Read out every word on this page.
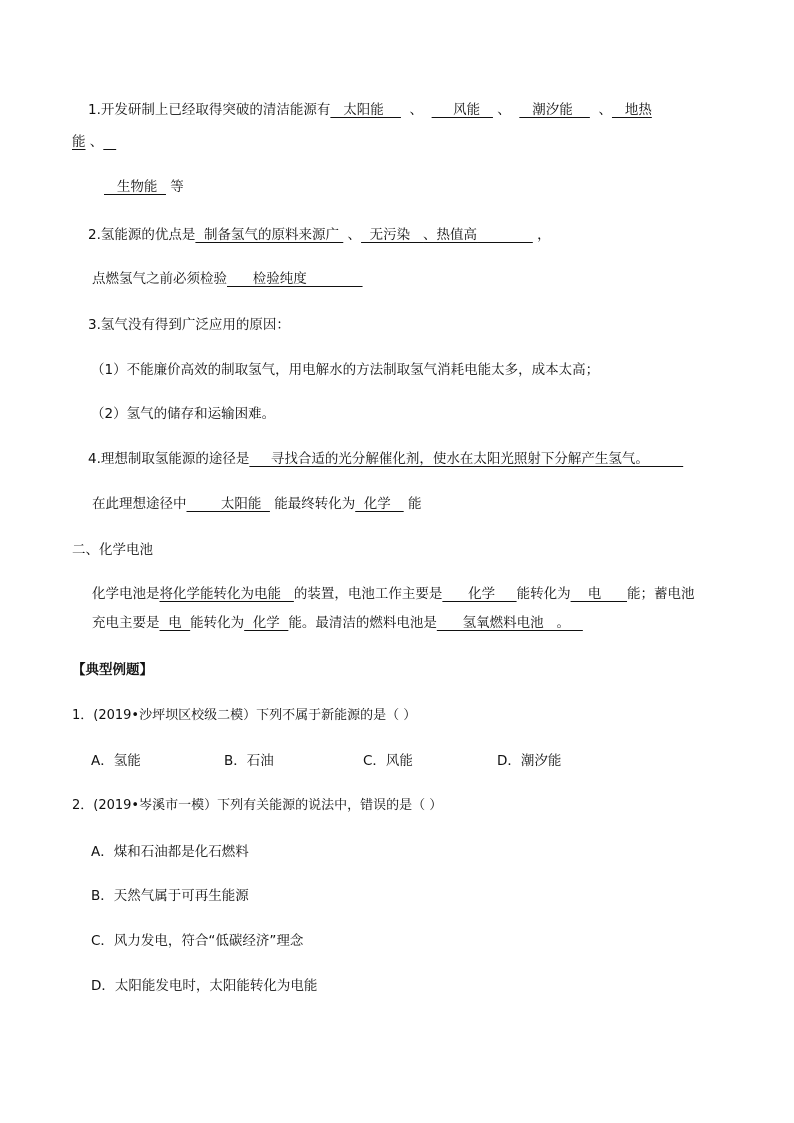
1.开发研制上已经取得突破的清洁能源有   太阳能      、       风能    、     潮汐能      、   地热
能 、
生物能   等
2.氢能源的优点是  制备氢气的原料来源广  、  无污染   、热值高	，
点燃氢气之前必须检验      检验纯度
3.氢气没有得到广泛应用的原因：
（1）不能廉价高效的制取氢气，用电解水的方法制取氢气消耗电能太多，成本太高；
（2）氢气的储存和运输困难。
4.理想制取氢能源的途径是     寻找合适的光分解催化剂，使水在太阳光照射下分解产生氢气。
在此理想途径中        太阳能   能最终转化为  化学    能
二、化学电池
化学电池是将化学能转化为电能   的装置，电池工作主要是      化学     能转化为    电      能；蓄电池
充电主要是  电  能转化为  化学  能。最清洁的燃料电池是      氢氧燃料电池   。
【典型例题】
1．(2019•沙坪坝区校级二模）下列不属于新能源的是（ ）
A．氢能	B．石油	C．风能	D．潮汐能
2．(2019•岑溪市一模）下列有关能源的说法中，错误的是（ ）
A．煤和石油都是化石燃料
B．天然气属于可再生能源
C．风力发电，符合“低碳经济”理念
D．太阳能发电时，太阳能转化为电能
